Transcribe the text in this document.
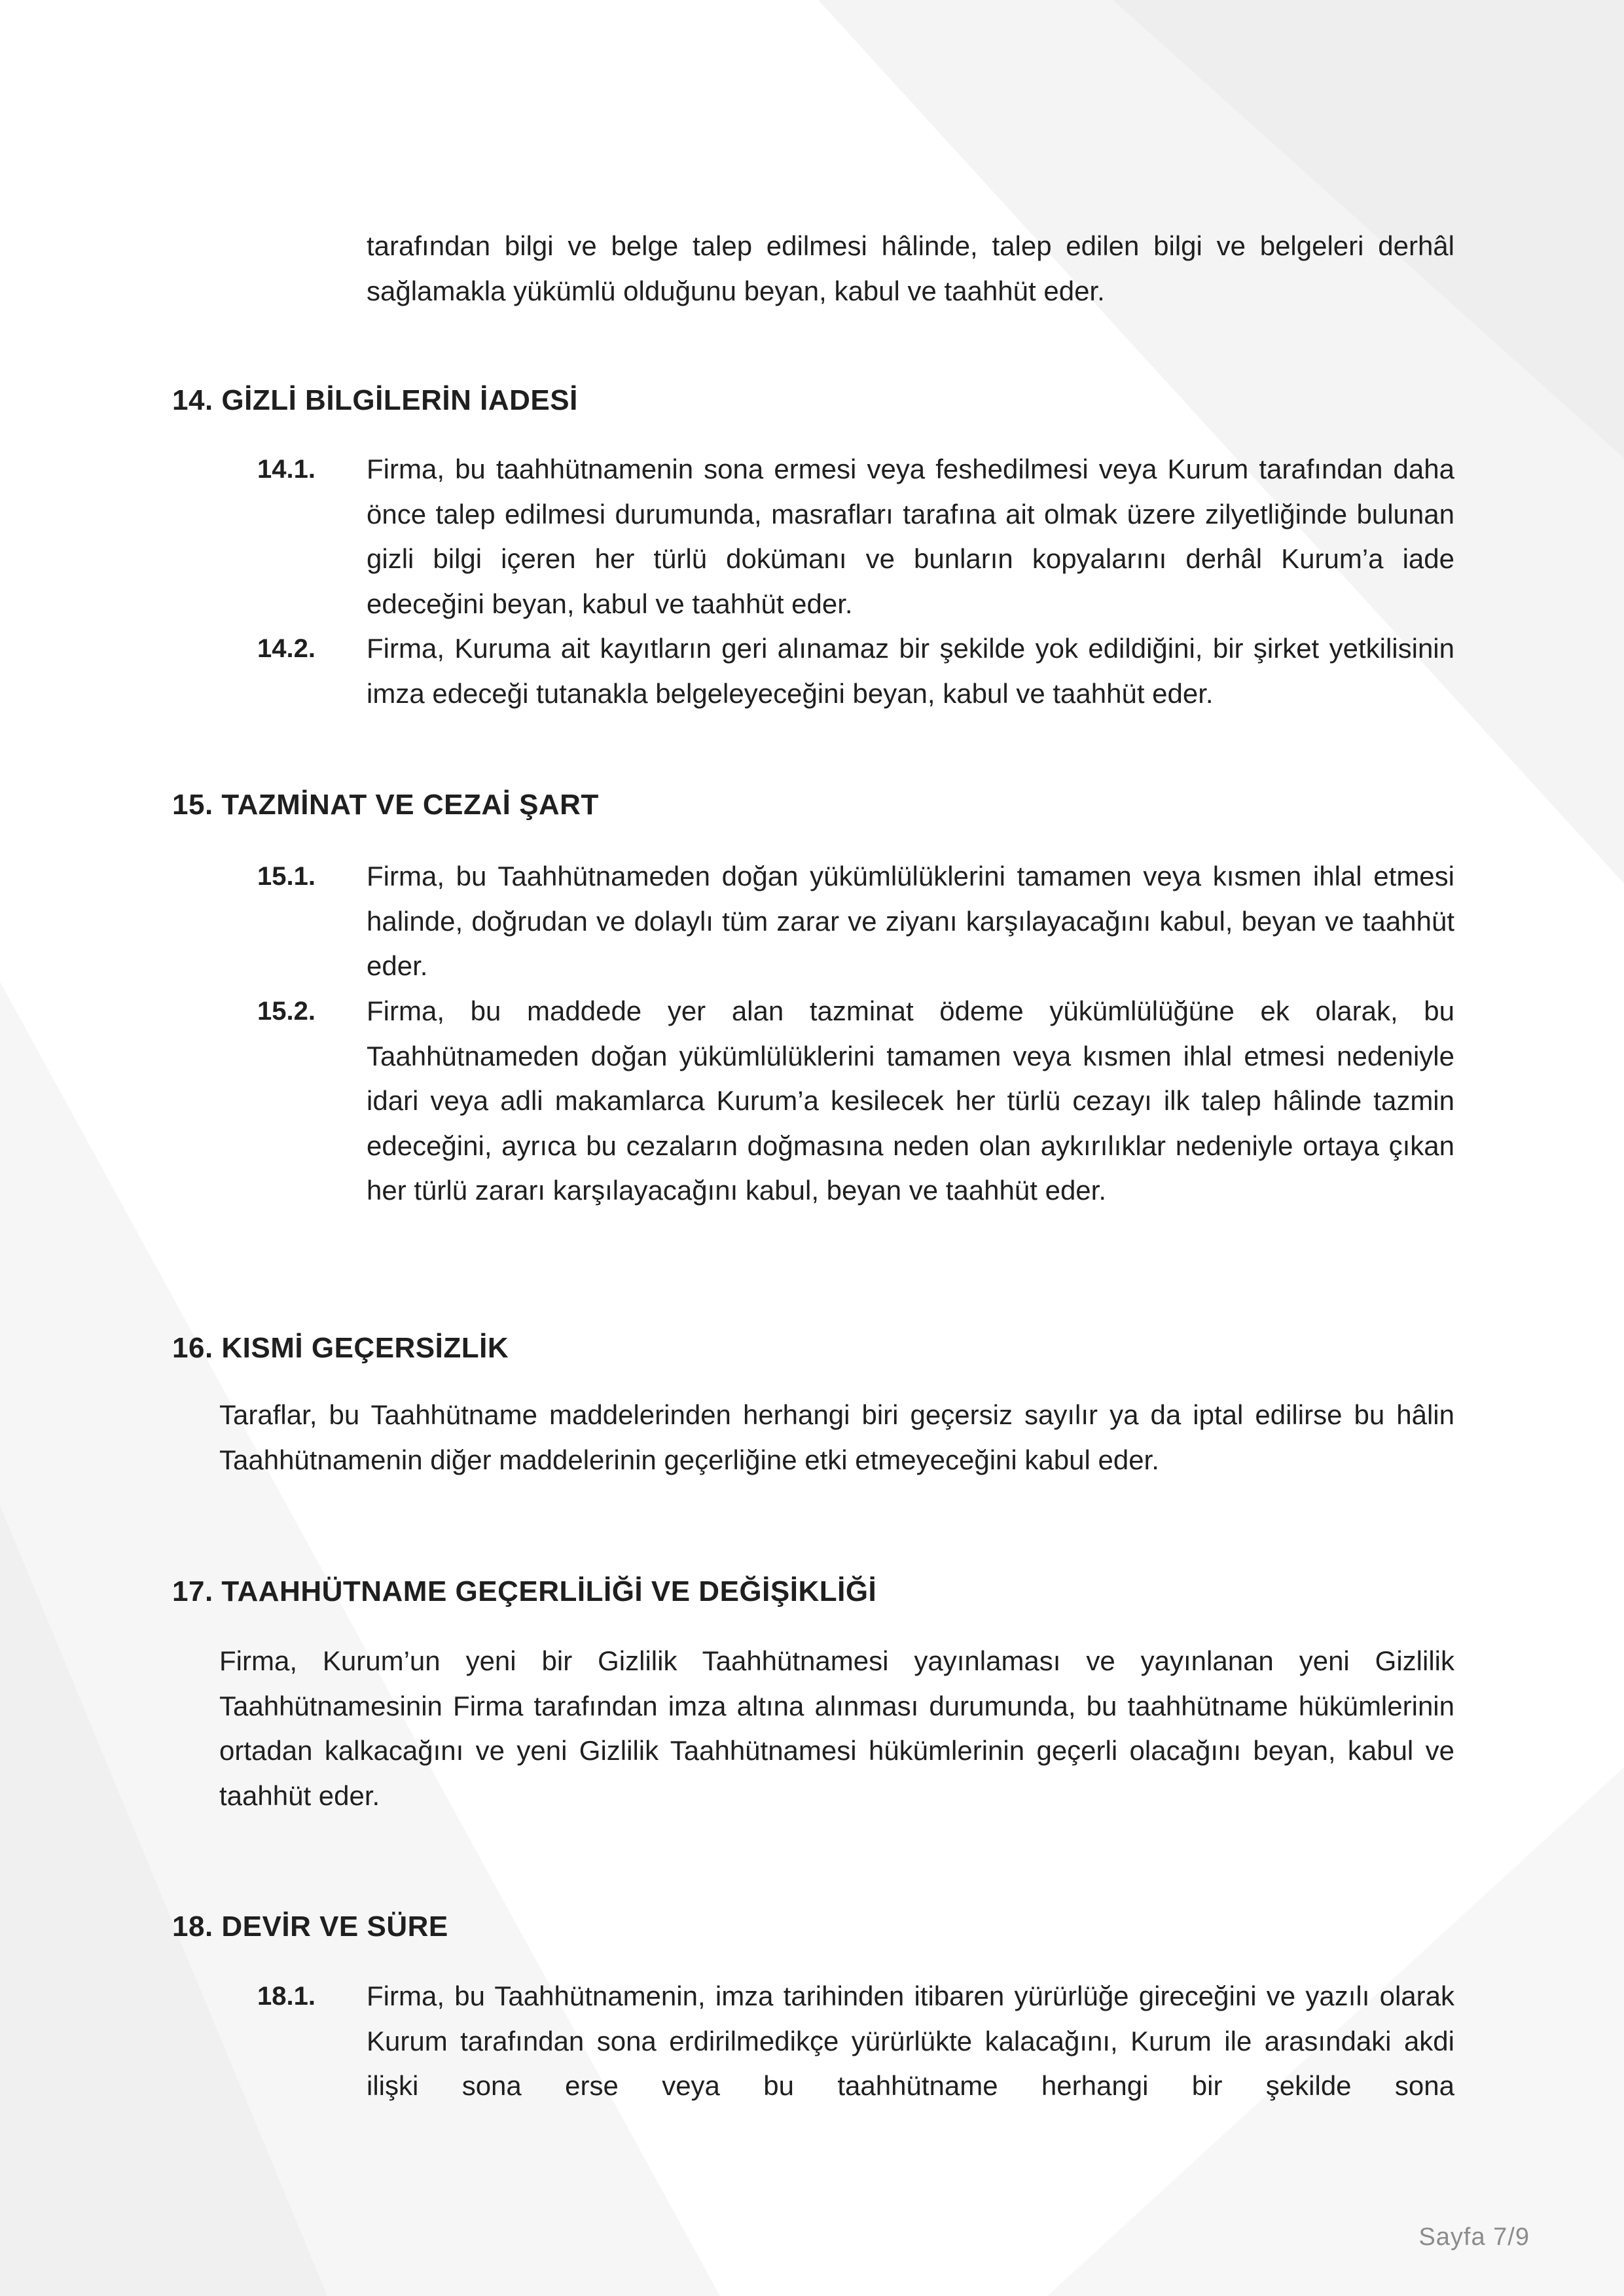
tarafından bilgi ve belge talep edilmesi hâlinde, talep edilen bilgi ve belgeleri derhâl sağlamakla yükümlü olduğunu beyan, kabul ve taahhüt eder.

14. GİZLİ BİLGİLERİN İADESİ
14.1. Firma, bu taahhütnamenin sona ermesi veya feshedilmesi veya Kurum tarafından daha önce talep edilmesi durumunda, masrafları tarafına ait olmak üzere zilyetliğinde bulunan gizli bilgi içeren her türlü dokümanı ve bunların kopyalarını derhâl Kurum’a iade edeceğini beyan, kabul ve taahhüt eder.

14.2. Firma, Kuruma ait kayıtların geri alınamaz bir şekilde yok edildiğini, bir şirket yetkilisinin imza edeceği tutanakla belgeleyeceğini beyan, kabul ve taahhüt eder.

15. TAZMİNAT VE CEZAİ ŞART
15.1. Firma, bu Taahhütnameden doğan yükümlülüklerini tamamen veya kısmen ihlal etmesi halinde, doğrudan ve dolaylı tüm zarar ve ziyanı karşılayacağını kabul, beyan ve taahhüt eder.

15.2. Firma, bu maddede yer alan tazminat ödeme yükümlülüğüne ek olarak, bu Taahhütnameden doğan yükümlülüklerini tamamen veya kısmen ihlal etmesi nedeniyle idari veya adli makamlarca Kurum’a kesilecek her türlü cezayı ilk talep hâlinde tazmin edeceğini, ayrıca bu cezaların doğmasına neden olan aykırılıklar nedeniyle ortaya çıkan her türlü zararı karşılayacağını kabul, beyan ve taahhüt eder.

16. KISMİ GEÇERSİZLİK

Taraflar, bu Taahhütname maddelerinden herhangi biri geçersiz sayılır ya da iptal edilirse bu hâlin Taahhütnamenin diğer maddelerinin geçerliğine etki etmeyeceğini kabul eder.

17. TAAHHÜTNAME GEÇERLİLİĞİ VE DEĞİŞİKLİĞİ

Firma, Kurum’un yeni bir Gizlilik Taahhütnamesi yayınlaması ve yayınlanan yeni Gizlilik Taahhütnamesinin Firma tarafından imza altına alınması durumunda, bu taahhütname hükümlerinin ortadan kalkacağını ve yeni Gizlilik Taahhütnamesi hükümlerinin geçerli olacağını beyan, kabul ve taahhüt eder.

18. DEVİR VE SÜRE
18.1. Firma, bu Taahhütnamenin, imza tarihinden itibaren yürürlüğe gireceğini ve yazılı olarak Kurum tarafından sona erdirilmedikçe yürürlükte kalacağını, Kurum ile arasındaki akdi ilişki sona erse veya bu taahhütname herhangi bir şekilde sona

Sayfa 7/9
